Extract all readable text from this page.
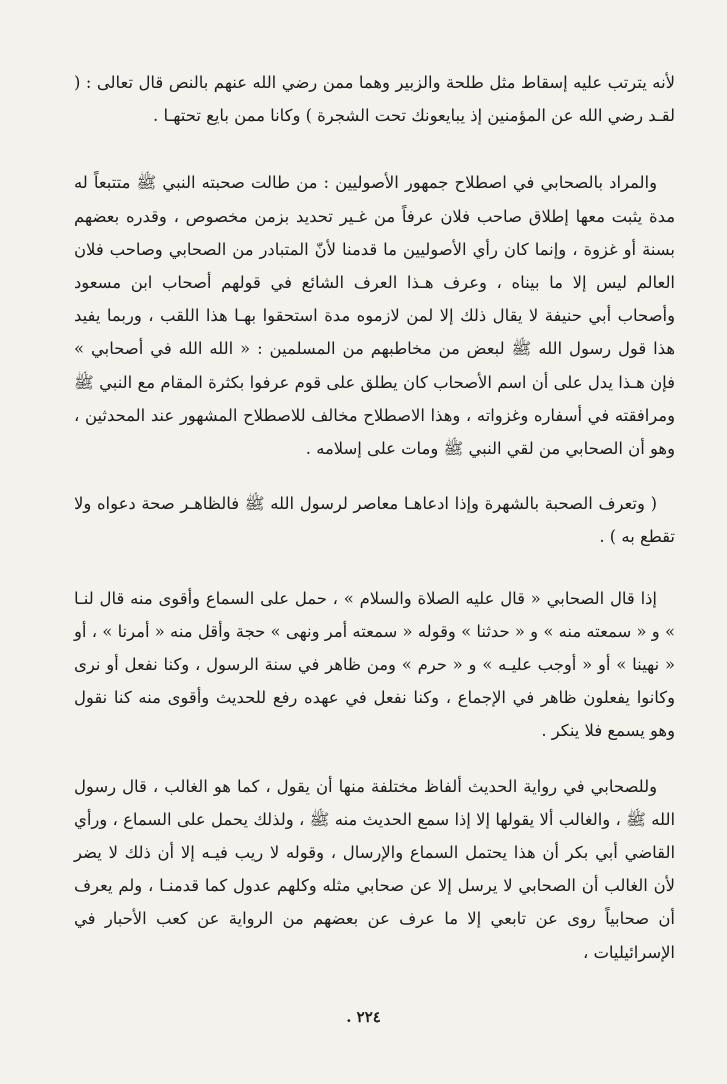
لأنه يترتب عليه إسقاط مثل طلحة والزبير وهما ممن رضي الله عنهم بالنص قال تعالى : ( لقـد رضي الله عن المؤمنين إذ يبايعونك تحت الشجرة ) وكانا ممن بايع تحتهـا .

والمراد بالصحابي في اصطلاح جمهور الأصوليين : من طالت صحبته النبي ﷺ متتبعاً له مدة يثبت معها إطلاق صاحب فلان عرفاً من غـير تحديد بزمن مخصوص ، وقدره بعضهم بسنة أو غزوة ، وإنما كان رأي الأصوليين ما قدمنا لأنّ المتبادر من الصحابي وصاحب فلان العالم ليس إلا ما بيناه ، وعرف هـذا العرف الشائع في قولهم أصحاب ابن مسعود وأصحاب أبي حنيفة لا يقال ذلك إلا لمن لازموه مدة استحقوا بهـا هذا اللقب ، وربما يفيد هذا قول رسول الله ﷺ لبعض من مخاطبهم من المسلمين : « الله الله في أصحابي » فإن هـذا يدل على أن اسم الأصحاب كان يطلق على قوم عرفوا بكثرة المقام مع النبي ﷺ ومرافقته في أسفاره وغزواته ، وهذا الاصطلاح مخالف للاصطلاح المشهور عند المحدثين ، وهو أن الصحابي من لقي النبي ﷺ ومات على إسلامه .

( وتعرف الصحبة بالشهرة وإذا ادعاهـا معاصر لرسول الله ﷺ فالظاهـر صحة دعواه ولا تقطع به ) .

إذا قال الصحابي « قال عليه الصلاة والسلام » ، حمل على السماع وأقوى منه قال لنـا » و « سمعته منه » و « حدثنا » وقوله « سمعته أمر ونهى » حجة وأقل منه « أمرنا » ، أو « نهينا » أو « أوجب عليـه » و « حرم » ومن ظاهر في سنة الرسول ، وكنا نفعل أو نرى وكانوا يفعلون ظاهر في الإجماع ، وكنا نفعل في عهده رفع للحديث وأقوى منه كنا نقول وهو يسمع فلا ينكر .

وللصحابي في رواية الحديث ألفاظ مختلفة منها أن يقول ، كما هو الغالب ، قال رسول الله ﷺ ، والغالب ألا يقولها إلا إذا سمع الحديث منه ﷺ ، ولذلك يحمل على السماع ، ورأي القاضي أبي بكر أن هذا يحتمل السماع والإرسال ، وقوله لا ريب فيـه إلا أن ذلك لا يضر لأن الغالب أن الصحابي لا يرسل إلا عن صحابي مثله وكلهم عدول كما قدمنـا ، ولم يعرف أن صحابياً روى عن تابعي إلا ما عرف عن بعضهم من الرواية عن كعب الأحبار في الإسرائيليات ،

٢٢٤ .
